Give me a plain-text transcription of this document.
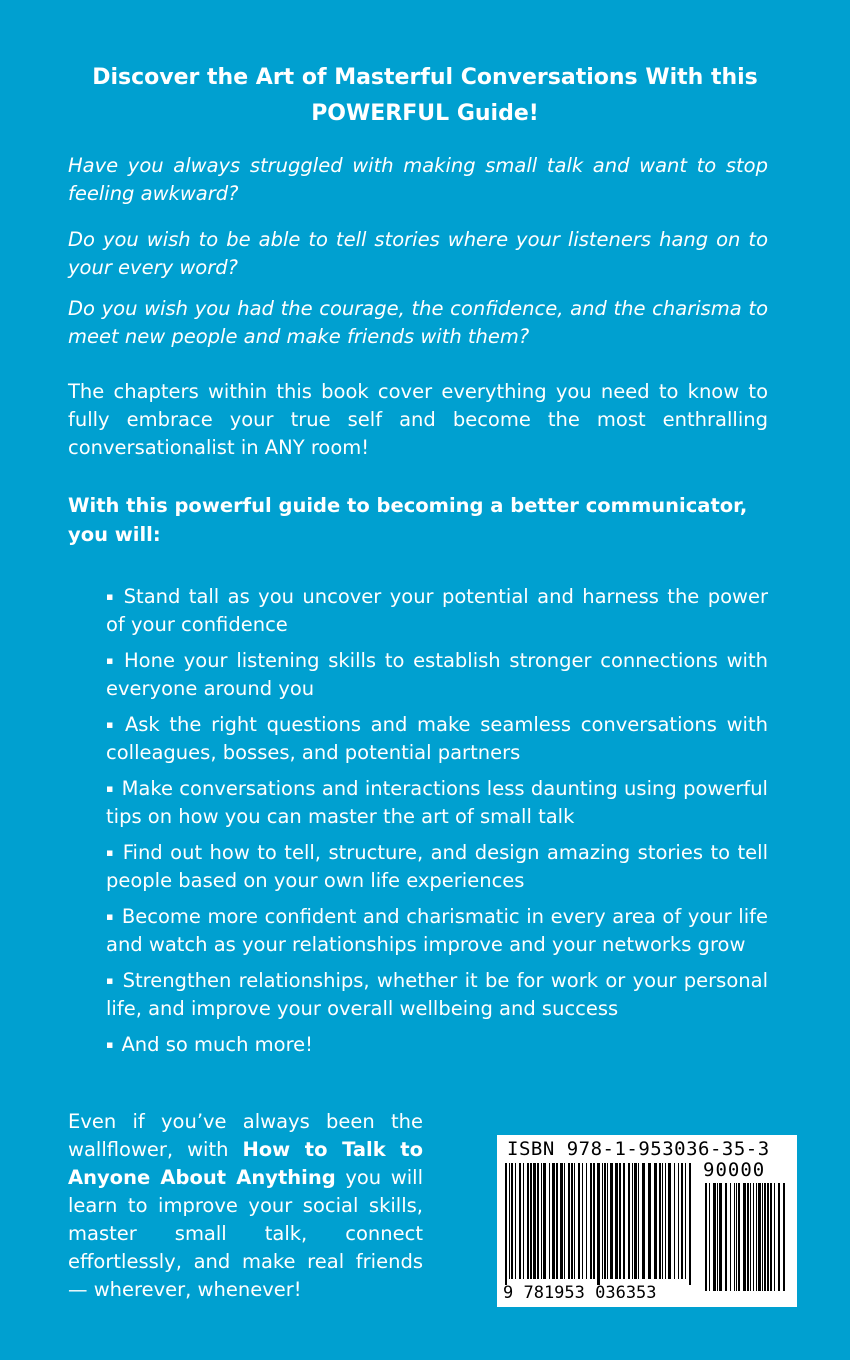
Discover the Art of Masterful Conversations With this
POWERFUL Guide!

Have you always struggled with making small talk and want to stop feeling awkward?

Do you wish to be able to tell stories where your listeners hang on to your every word?

Do you wish you had the courage, the confidence, and the charisma to meet new people and make friends with them?

The chapters within this book cover everything you need to know to fully embrace your true self and become the most enthralling conversationalist in ANY room!

With this powerful guide to becoming a better communicator, you will:

▪ Stand tall as you uncover your potential and harness the power of your confidence
▪ Hone your listening skills to establish stronger connections with everyone around you
▪ Ask the right questions and make seamless conversations with colleagues, bosses, and potential partners
▪ Make conversations and interactions less daunting using powerful tips on how you can master the art of small talk
▪ Find out how to tell, structure, and design amazing stories to tell people based on your own life experiences
▪ Become more confident and charismatic in every area of your life and watch as your relationships improve and your networks grow
▪ Strengthen relationships, whether it be for work or your personal life, and improve your overall wellbeing and success
▪ And so much more!

Even if you’ve always been the wallflower, with How to Talk to Anyone About Anything you will learn to improve your social skills, master small talk, connect effortlessly, and make real friends — wherever, whenever!

ISBN 978-1-953036-35-3
90000
9 781953 036353
